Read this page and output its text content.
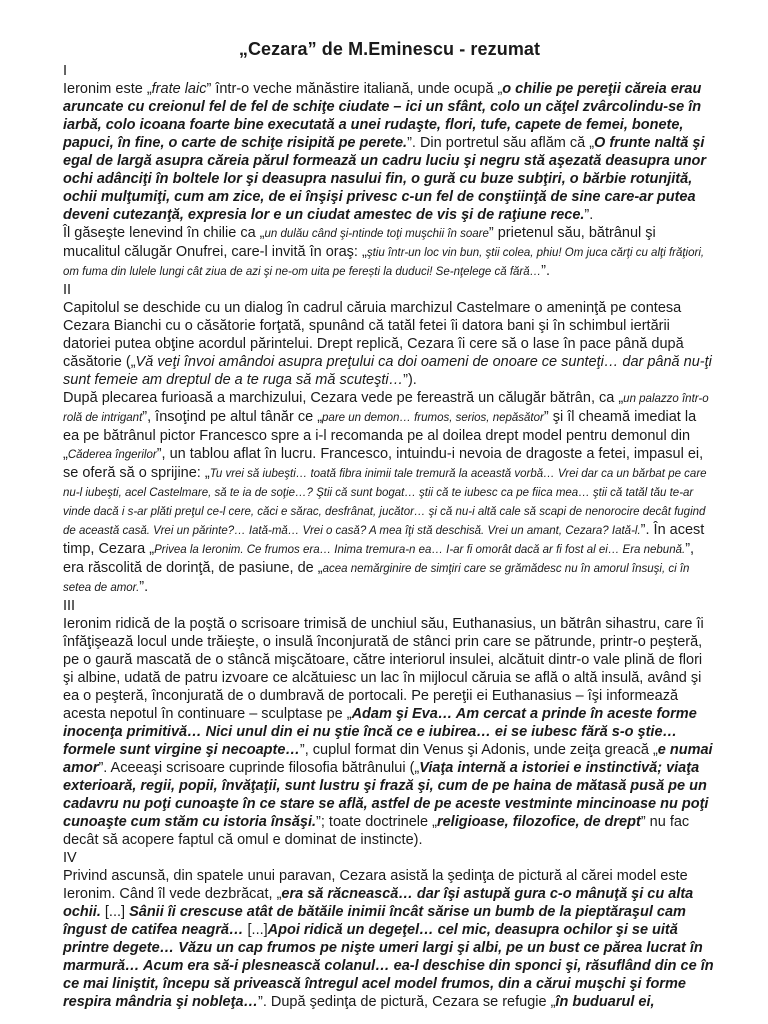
„Cezara” de M.Eminescu - rezumat

I

Ieronim este „frate laic” într-o veche mănăstire italiană, unde ocupă „o chilie pe pereţii căreia erau aruncate cu creionul fel de fel de schiţe ciudate – ici un sfânt, colo un căţel zvârcolindu-se în iarbă, colo icoana foarte bine executată a unei rudaşte, flori, tufe, capete de femei, bonete, papuci, în fine, o carte de schiţe risipită pe perete.”. Din portretul său aflăm că „O frunte naltă şi egal de largă asupra căreia părul formează un cadru luciu şi negru stă aşezată deasupra unor ochi adânciţi în boltele lor şi deasupra nasului fin, o gură cu buze subţiri, o bărbie rotunjită, ochii mulţumiţi, cum am zice, de ei înşişi privesc c-un fel de conştiinţă de sine care-ar putea deveni cutezanţă, expresia lor e un ciudat amestec de vis şi de raţiune rece.”.

Îl găseşte lenevind în chilie ca „un dulău când şi-ntinde toţi muşchii în soare” prietenul său, bătrânul şi mucalitul călugăr Onufrei, care-l invită în oraş: „ştiu într-un loc vin bun, ştii colea, phiu! Om juca cărţi cu alţi frăţiori, om fuma din lulele lungi cât ziua de azi şi ne-om uita pe ferești la duduci! Se-nţelege că fără…”.

II

Capitolul se deschide cu un dialog în cadrul căruia marchizul Castelmare o ameninţă pe contesa Cezara Bianchi cu o căsătorie forţată, spunând că tatăl fetei îi datora bani şi în schimbul iertării datoriei putea obţine acordul părintelui. Drept replică, Cezara îi cere să o lase în pace până după căsătorie („Vă veţi învoi amândoi asupra preţului ca doi oameni de onoare ce sunteţi… dar până nu-ţi sunt femeie am dreptul de a te ruga să mă scuteşti…”).

După plecarea furioasă a marchizului, Cezara vede pe fereastră un călugăr bătrân, ca „un palazzo într-o rolă de intrigant”, însoţind pe altul tânăr ce „pare un demon… frumos, serios, nepăsător” şi îl cheamă imediat la ea pe bătrânul pictor Francesco spre a i-l recomanda pe al doilea drept model pentru demonul din „Căderea îngerilor”, un tablou aflat în lucru. Francesco, intuindu-i nevoia de dragoste a fetei, impasul ei, se oferă să o sprijine: „Tu vrei să iubeşti… toată fibra inimii tale tremură la această vorbă… Vrei dar ca un bărbat pe care nu-l iubeşti, acel Castelmare, să te ia de soţie…? Ştii că sunt bogat… ştii că te iubesc ca pe fiica mea… ştii că tatăl tău te-ar vinde dacă i s-ar plăti preţul ce-l cere, căci e sărac, desfrânat, jucător… şi că nu-i altă cale să scapi de nenorocire decât fugind de această casă. Vrei un părinte?… Iată-mă… Vrei o casă? A mea îţi stă deschisă. Vrei un amant, Cezara? Iată-l.”. În acest timp, Cezara „Privea la Ieronim. Ce frumos era… Inima tremura-n ea… I-ar fi omorât dacă ar fi fost al ei… Era nebună.”, era răscolită de dorinţă, de pasiune, de „acea nemărginire de simţiri care se grămădesc nu în amorul însuşi, ci în setea de amor.”.

III

Ieronim ridică de la poştă o scrisoare trimisă de unchiul său, Euthanasius, un bătrân sihastru, care îi înfăţişează locul unde trăieşte, o insulă înconjurată de stânci prin care se pătrunde, printr-o peşteră, pe o gaură mascată de o stâncă mişcătoare, către interiorul insulei, alcătuit dintr-o vale plină de flori şi albine, udată de patru izvoare ce alcătuiesc un lac în mijlocul căruia se află o altă insulă, având şi ea o peşteră, înconjurată de o dumbravă de portocali. Pe pereţii ei Euthanasius – îşi informează acesta nepotul în continuare – sculptase pe „Adam şi Eva… Am cercat a prinde în aceste forme inocenţa primitivă… Nici unul din ei nu ştie încă ce e iubirea… ei se iubesc fără s-o ştie… formele sunt virgine şi necoapte…”, cuplul format din Venus şi Adonis, unde zeiţa greacă „e numai amor”. Aceeaşi scrisoare cuprinde filosofia bătrânului („Viaţa internă a istoriei e instinctivă; viaţa exterioară, regii, popii, învăţaţii, sunt lustru şi frază şi, cum de pe haina de mătasă pusă pe un cadavru nu poţi cunoaşte în ce stare se află, astfel de pe aceste vestminte mincinoase nu poţi cunoaşte cum stăm cu istoria însăşi.”; toate doctrinele „religioase, filozofice, de drept” nu fac decât să acopere faptul că omul e dominat de instincte).

IV

Privind ascunsă, din spatele unui paravan, Cezara asistă la şedinţa de pictură al cărei model este Ieronim. Când îl vede dezbrăcat, „era să răcnească… dar îşi astupă gura c-o mânuţă şi cu alta ochii. [...] Sânii îi crescuse atât de bătăile inimii încât sărise un bumb de la pieptăraşul cam îngust de catifea neagră… [...]Apoi ridică un degeţel… cel mic, deasupra ochilor şi se uită printre degete… Văzu un cap frumos pe nişte umeri largi şi albi, pe un bust ce părea lucrat în marmură… Acum era să-i plesnească colanul… ea-l deschise din sponci şi, răsuflând din ce în ce mai liniştit, începu să privească întregul acel model frumos, din a cărui muşchi şi forme respira mândria şi nobleţa…”. După şedinţa de pictură, Cezara se refugie „în buduarul ei,
